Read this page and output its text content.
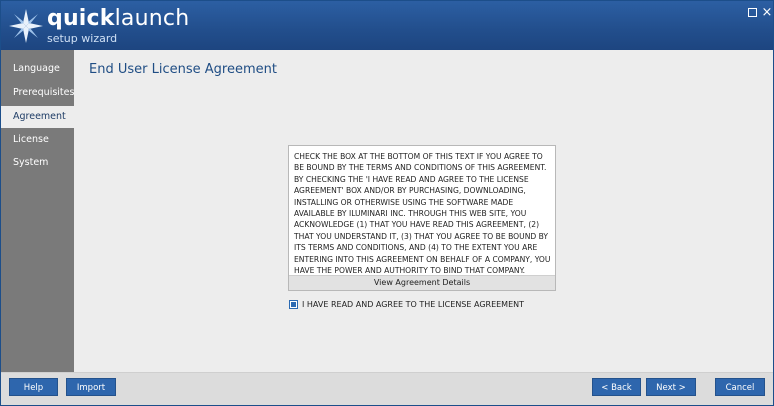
quicklaunch
setup wizard
×
Language
Prerequisites
Agreement
License
System
End User License Agreement
CHECK THE BOX AT THE BOTTOM OF THIS TEXT IF YOU AGREE TO BE BOUND BY THE TERMS AND CONDITIONS OF THIS AGREEMENT. BY CHECKING THE 'I HAVE READ AND AGREE TO THE LICENSE AGREEMENT' BOX AND/OR BY PURCHASING, DOWNLOADING, INSTALLING OR OTHERWISE USING THE SOFTWARE MADE AVAILABLE BY ILUMINARI INC. THROUGH THIS WEB SITE, YOU ACKNOWLEDGE (1) THAT YOU HAVE READ THIS AGREEMENT, (2) THAT YOU UNDERSTAND IT, (3) THAT YOU AGREE TO BE BOUND BY ITS TERMS AND CONDITIONS, AND (4) TO THE EXTENT YOU ARE ENTERING INTO THIS AGREEMENT ON BEHALF OF A COMPANY, YOU HAVE THE POWER AND AUTHORITY TO BIND THAT COMPANY.
View Agreement Details
I HAVE READ AND AGREE TO THE LICENSE AGREEMENT
Help	Import	< Back	Next >	Cancel
